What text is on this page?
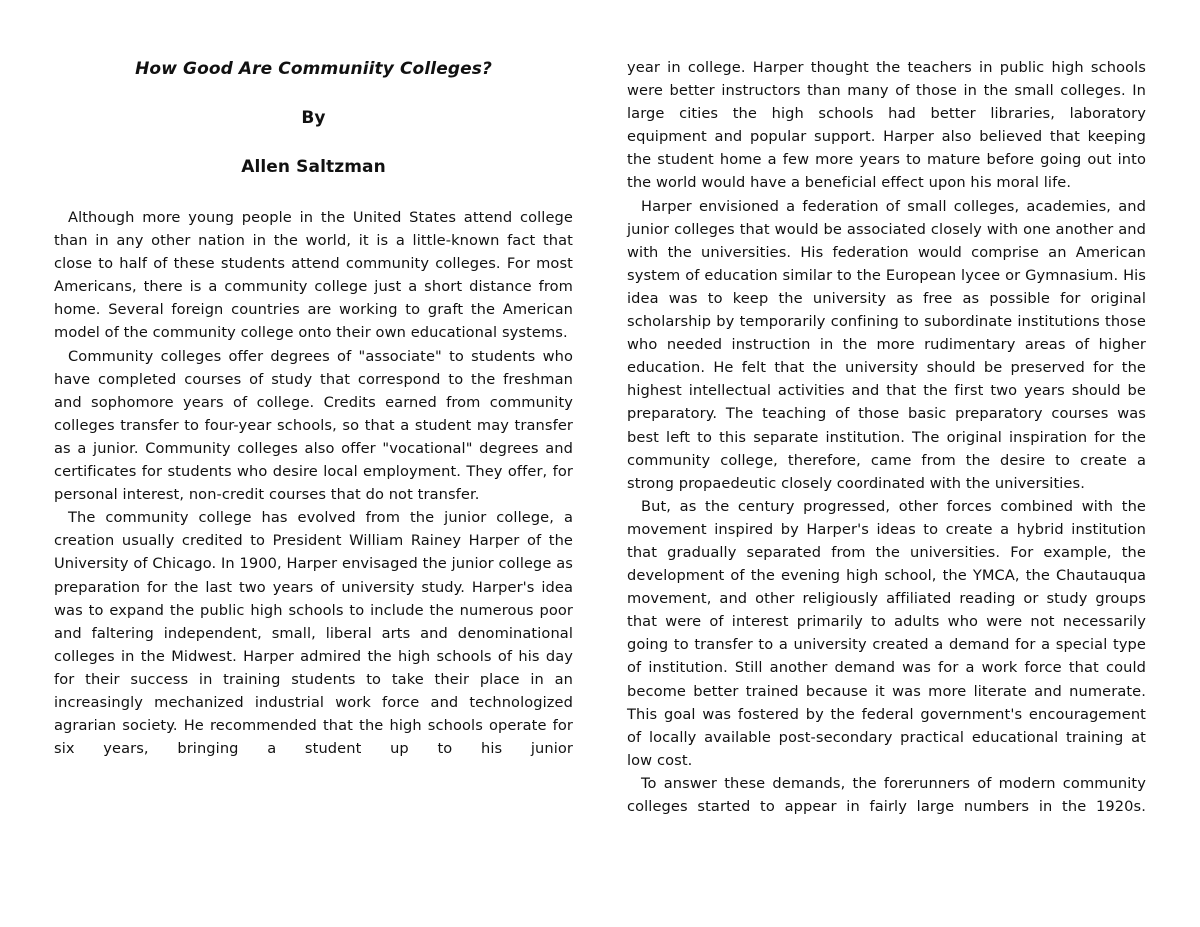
How Good Are Communiity Colleges?
By
Allen Saltzman

Although more young people in the United States attend college than in any other nation in the world, it is a little-known fact that close to half of these students attend community colleges. For most Americans, there is a community college just a short distance from home. Several foreign countries are working to graft the American model of the community college onto their own educational systems.

Community colleges offer degrees of "associate" to students who have completed courses of study that correspond to the freshman and sophomore years of college. Credits earned from community colleges transfer to four-year schools, so that a student may transfer as a junior. Community colleges also offer "vocational" degrees and certificates for students who desire local employment. They offer, for personal interest, non-credit courses that do not transfer.

The community college has evolved from the junior college, a creation usually credited to President William Rainey Harper of the University of Chicago. In 1900, Harper envisaged the junior college as preparation for the last two years of university study. Harper's idea was to expand the public high schools to include the numerous poor and faltering independent, small, liberal arts and denominational colleges in the Midwest. Harper admired the high schools of his day for their success in training students to take their place in an increasingly mechanized industrial work force and technologized agrarian society. He recommended that the high schools operate for six years, bringing a student up to his junior

year in college. Harper thought the teachers in public high schools were better instructors than many of those in the small colleges. In large cities the high schools had better libraries, laboratory equipment and popular support. Harper also believed that keeping the student home a few more years to mature before going out into the world would have a beneficial effect upon his moral life.

Harper envisioned a federation of small colleges, academies, and junior colleges that would be associated closely with one another and with the universities. His federation would comprise an American system of education similar to the European lycee or Gymnasium. His idea was to keep the university as free as possible for original scholarship by temporarily confining to subordinate institutions those who needed instruction in the more rudimentary areas of higher education. He felt that the university should be preserved for the highest intellectual activities and that the first two years should be preparatory. The teaching of those basic preparatory courses was best left to this separate institution. The original inspiration for the community college, therefore, came from the desire to create a strong propaedeutic closely coordinated with the universities.

But, as the century progressed, other forces combined with the movement inspired by Harper's ideas to create a hybrid institution that gradually separated from the universities. For example, the development of the evening high school, the YMCA, the Chautauqua movement, and other religiously affiliated reading or study groups that were of interest primarily to adults who were not necessarily going to transfer to a university created a demand for a special type of institution. Still another demand was for a work force that could become better trained because it was more literate and numerate. This goal was fostered by the federal government's encouragement of locally available post-secondary practical educational training at low cost.

To answer these demands, the forerunners of modern community colleges started to appear in fairly large numbers in the 1920s.
